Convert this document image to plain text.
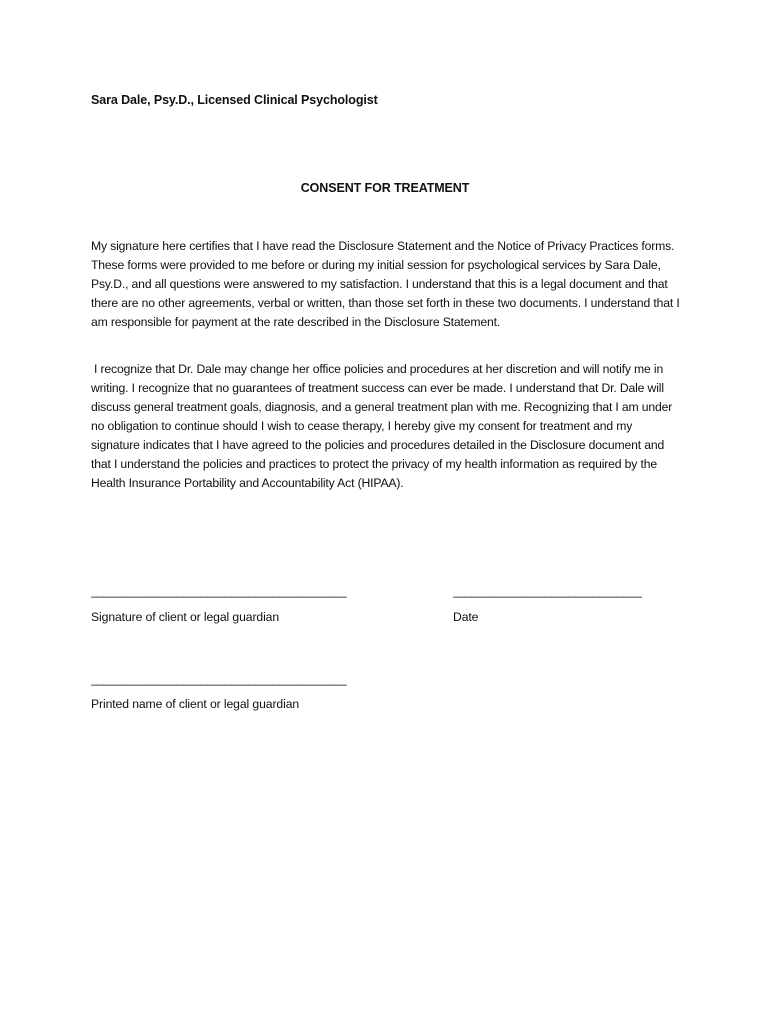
Sara Dale, Psy.D., Licensed Clinical Psychologist
CONSENT FOR TREATMENT

My signature here certifies that I have read the Disclosure Statement and the Notice of Privacy Practices forms. These forms were provided to me before or during my initial session for psychological services by Sara Dale, Psy.D., and all questions were answered to my satisfaction. I understand that this is a legal document and that there are no other agreements, verbal or written, than those set forth in these two documents. I understand that I am responsible for payment at the rate described in the Disclosure Statement.

I recognize that Dr. Dale may change her office policies and procedures at her discretion and will notify me in writing. I recognize that no guarantees of treatment success can ever be made. I understand that Dr. Dale will discuss general treatment goals, diagnosis, and a general treatment plan with me. Recognizing that I am under no obligation to continue should I wish to cease therapy, I hereby give my consent for treatment and my signature indicates that I have agreed to the policies and procedures detailed in the Disclosure document and that I understand the policies and practices to protect the privacy of my health information as required by the Health Insurance Portability and Accountability Act (HIPAA).

__________________________________________	_______________________________
Signature of client or legal guardian	Date
__________________________________________
Printed name of client or legal guardian
